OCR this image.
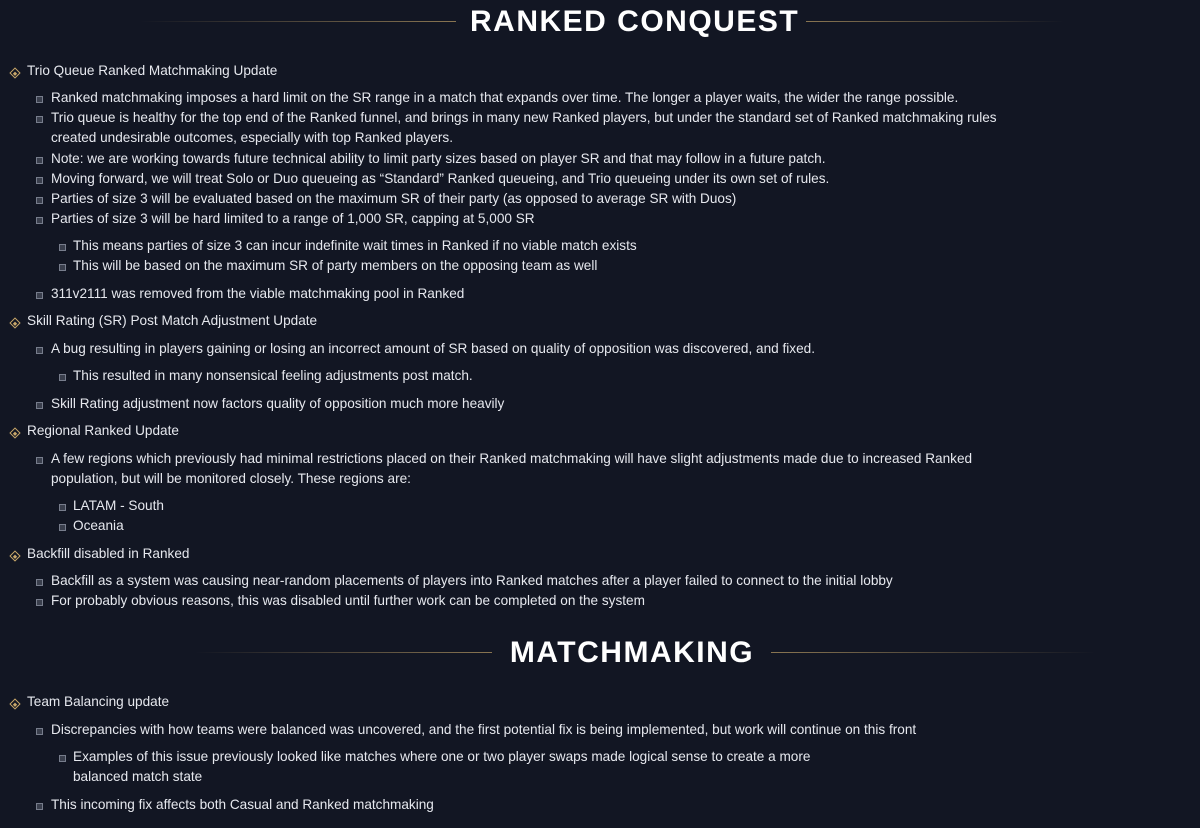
RANKED CONQUEST
Trio Queue Ranked Matchmaking Update
Ranked matchmaking imposes a hard limit on the SR range in a match that expands over time. The longer a player waits, the wider the range possible.
Trio queue is healthy for the top end of the Ranked funnel, and brings in many new Ranked players, but under the standard set of Ranked matchmaking rules created undesirable outcomes, especially with top Ranked players.
Note: we are working towards future technical ability to limit party sizes based on player SR and that may follow in a future patch.
Moving forward, we will treat Solo or Duo queueing as “Standard” Ranked queueing, and Trio queueing under its own set of rules.
Parties of size 3 will be evaluated based on the maximum SR of their party (as opposed to average SR with Duos)
Parties of size 3 will be hard limited to a range of 1,000 SR, capping at 5,000 SR
This means parties of size 3 can incur indefinite wait times in Ranked if no viable match exists
This will be based on the maximum SR of party members on the opposing team as well
311v2111 was removed from the viable matchmaking pool in Ranked
Skill Rating (SR) Post Match Adjustment Update
A bug resulting in players gaining or losing an incorrect amount of SR based on quality of opposition was discovered, and fixed.
This resulted in many nonsensical feeling adjustments post match.
Skill Rating adjustment now factors quality of opposition much more heavily
Regional Ranked Update
A few regions which previously had minimal restrictions placed on their Ranked matchmaking will have slight adjustments made due to increased Ranked population, but will be monitored closely. These regions are:
LATAM - South
Oceania
Backfill disabled in Ranked
Backfill as a system was causing near-random placements of players into Ranked matches after a player failed to connect to the initial lobby
For probably obvious reasons, this was disabled until further work can be completed on the system
MATCHMAKING
Team Balancing update
Discrepancies with how teams were balanced was uncovered, and the first potential fix is being implemented, but work will continue on this front
Examples of this issue previously looked like matches where one or two player swaps made logical sense to create a more balanced match state
This incoming fix affects both Casual and Ranked matchmaking
